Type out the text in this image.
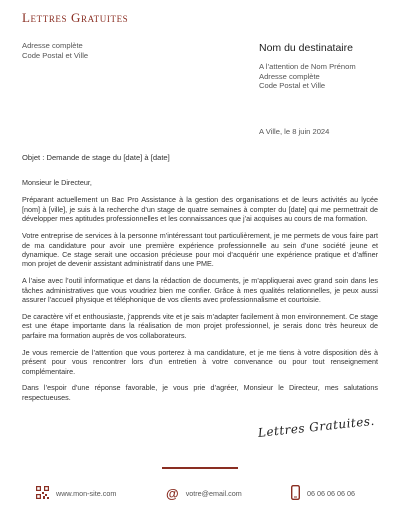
Lettres Gratuites
Adresse complète
Code Postal et Ville
Nom du destinataire
A l’attention de Nom Prénom
Adresse complète
Code Postal et Ville
A Ville, le 8 juin 2024
Objet : Demande de stage du [date] à [date]

Monsieur le Directeur,

Préparant actuellement un Bac Pro Assistance à la gestion des organisations et de leurs activités au lycée [nom] à [ville], je suis à la recherche d’un stage de quatre semaines à compter du [date] qui me permettrait de développer mes aptitudes professionnelles et les connaissances que j’ai acquises au cours de ma formation.

Votre entreprise de services à la personne m’intéressant tout particulièrement, je me permets de vous faire part de ma candidature pour avoir une première expérience professionnelle au sein d’une société jeune et dynamique. Ce stage serait une occasion précieuse pour moi d’acquérir une expérience pratique et d’affiner mon projet de devenir assistant administratif dans une PME.

A l’aise avec l’outil informatique et dans la rédaction de documents, je m’appliquerai avec grand soin dans les tâches administratives que vous voudriez bien me confier. Grâce à mes qualités relationnelles, je peux aussi assurer l’accueil physique et téléphonique de vos clients avec professionnalisme et courtoisie.

De caractère vif et enthousiaste, j’apprends vite et je sais m’adapter facilement à mon environnement. Ce stage est une étape importante dans la réalisation de mon projet professionnel, je serais donc très heureux de parfaire ma formation auprès de vos collaborateurs.

Je vous remercie de l’attention que vous porterez à ma candidature, et je me tiens à votre disposition dès à présent pour vous rencontrer lors d’un entretien à votre convenance ou pour tout renseignement complémentaire.

Dans l’espoir d’une réponse favorable, je vous prie d’agréer, Monsieur le Directeur, mes salutations respectueuses.

Lettres Gratuites.
www.mon-site.com	@ votre@email.com	06 06 06 06 06
